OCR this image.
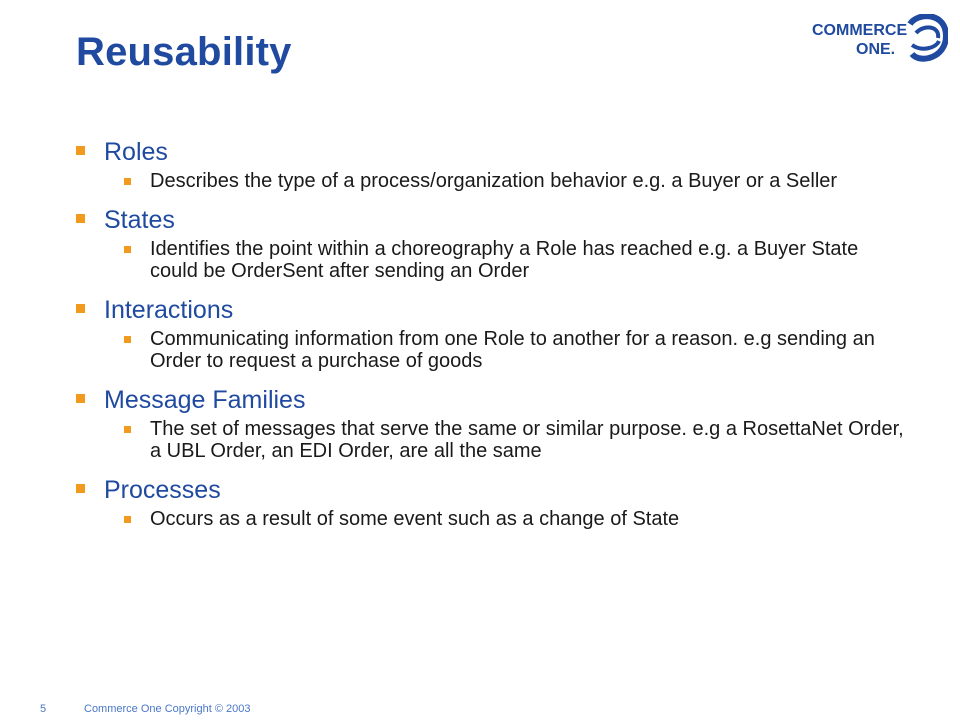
Reusability	COMMERCE
ONE.
Roles
Describes the type of a process/organization behavior e.g. a Buyer or a Seller
States
Identifies the point within a choreography a Role has reached e.g. a Buyer State could be OrderSent after sending an Order
Interactions
Communicating information from one Role to another for a reason. e.g sending an Order to request a purchase of goods
Message Families
The set of messages that serve the same or similar purpose. e.g a RosettaNet Order, a UBL Order, an EDI Order, are all the same
Processes
Occurs as a result of some event such as a change of State
5	Commerce One Copyright © 2003
